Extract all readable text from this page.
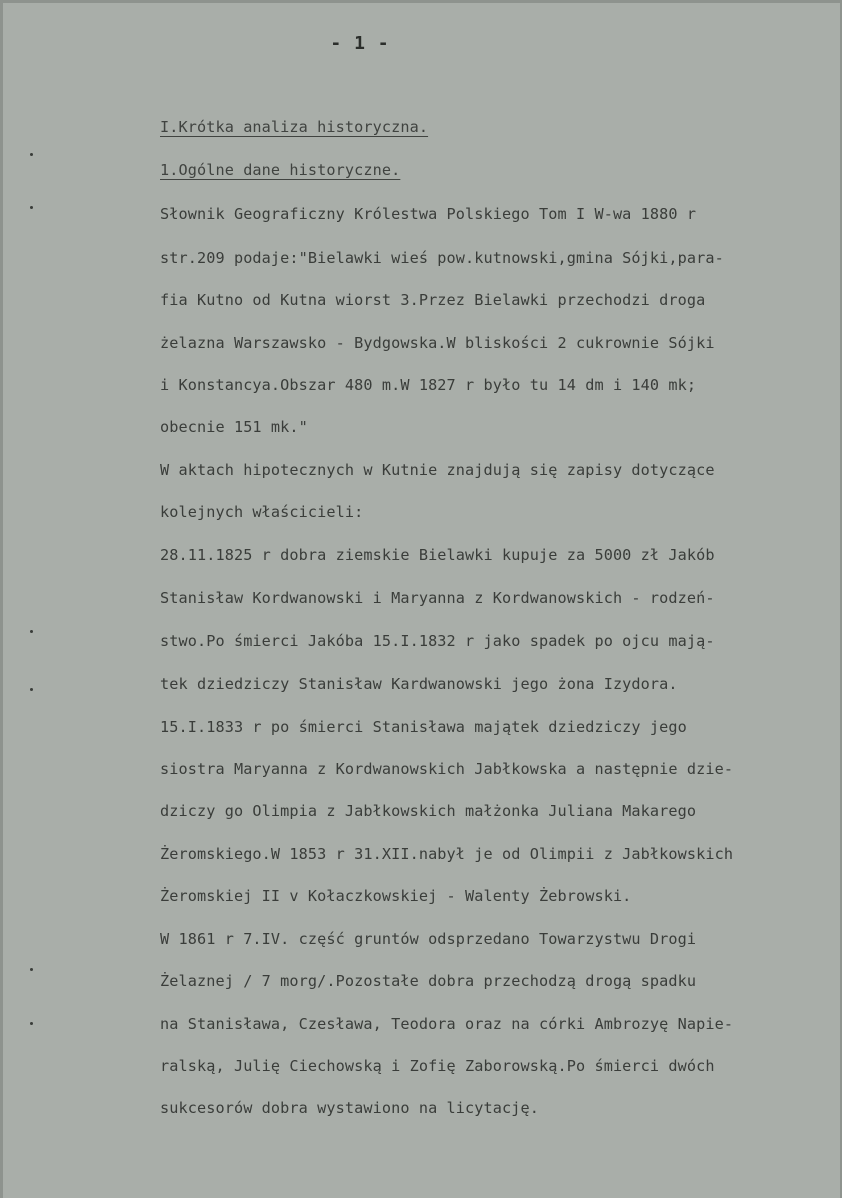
- 1 -
I.Krótka analiza historyczna.
1.Ogólne dane historyczne.
Słownik Geograficzny Królestwa Polskiego Tom I W-wa 1880 r
str.209 podaje:"Bielawki wieś pow.kutnowski,gmina Sójki,para-
fia Kutno od Kutna wiorst 3.Przez Bielawki przechodzi droga
żelazna Warszawsko - Bydgowska.W bliskości 2 cukrownie Sójki
i Konstancya.Obszar 480 m.W 1827 r było tu 14 dm i 140 mk;
obecnie 151 mk."
W aktach hipotecznych w Kutnie znajdują się zapisy dotyczące
kolejnych właścicieli:
28.11.1825 r dobra ziemskie Bielawki kupuje za 5000 zł Jakób
Stanisław Kordwanowski i Maryanna z Kordwanowskich - rodzeń-
stwo.Po śmierci Jakóba 15.I.1832 r jako spadek po ojcu mają-
tek dziedziczy Stanisław Kardwanowski jego żona Izydora.
15.I.1833 r po śmierci Stanisława majątek dziedziczy jego
siostra Maryanna z Kordwanowskich Jabłkowska a następnie dzie-
dziczy go Olimpia z Jabłkowskich małżonka Juliana Makarego
Żeromskiego.W 1853 r 31.XII.nabył je od Olimpii z Jabłkowskich
Żeromskiej II v Kołaczkowskiej - Walenty Żebrowski.
W 1861 r 7.IV. część gruntów odsprzedano Towarzystwu Drogi
Żelaznej / 7 morg/.Pozostałe dobra przechodzą drogą spadku
na Stanisława, Czesława, Teodora oraz na córki Ambrozyę Napie-
ralską, Julię Ciechowską i Zofię Zaborowską.Po śmierci dwóch
sukcesorów dobra wystawiono na licytację.
